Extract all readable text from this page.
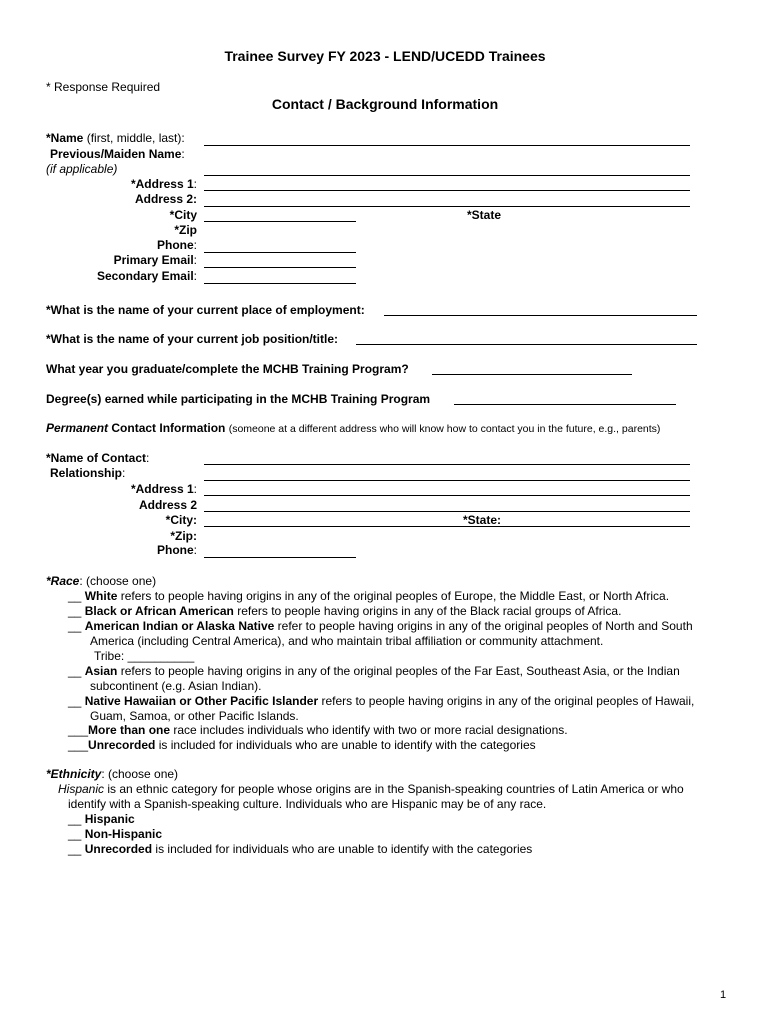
Trainee Survey FY 2023 - LEND/UCEDD Trainees
* Response Required
Contact / Background Information
*Name (first, middle, last):
Previous/Maiden Name:
(if applicable)
*Address 1:
Address 2:
*City	*State
*Zip
Phone:
Primary Email:
Secondary Email:
*What is the name of your current place of employment:
*What is the name of your current job position/title:
What year you graduate/complete the MCHB Training Program?
Degree(s) earned while participating in the MCHB Training Program
Permanent Contact Information (someone at a different address who will know how to contact you in the future, e.g., parents)
*Name of Contact:
Relationship:
*Address 1:
Address 2
*City:	*State:
*Zip:
Phone:
*Race: (choose one)
__ White refers to people having origins in any of the original peoples of Europe, the Middle East, or North Africa.
__ Black or African American refers to people having origins in any of the Black racial groups of Africa.
__ American Indian or Alaska Native refer to people having origins in any of the original peoples of North and South
America (including Central America), and who maintain tribal affiliation or community attachment.
Tribe: __________
__ Asian refers to people having origins in any of the original peoples of the Far East, Southeast Asia, or the Indian
subcontinent (e.g. Asian Indian).
__ Native Hawaiian or Other Pacific Islander refers to people having origins in any of the original peoples of Hawaii,
Guam, Samoa, or other Pacific Islands.
___More than one race includes individuals who identify with two or more racial designations.
___Unrecorded is included for individuals who are unable to identify with the categories
*Ethnicity: (choose one)
Hispanic is an ethnic category for people whose origins are in the Spanish-speaking countries of Latin America or who
identify with a Spanish-speaking culture. Individuals who are Hispanic may be of any race.
__ Hispanic
__ Non-Hispanic
__ Unrecorded is included for individuals who are unable to identify with the categories
1
